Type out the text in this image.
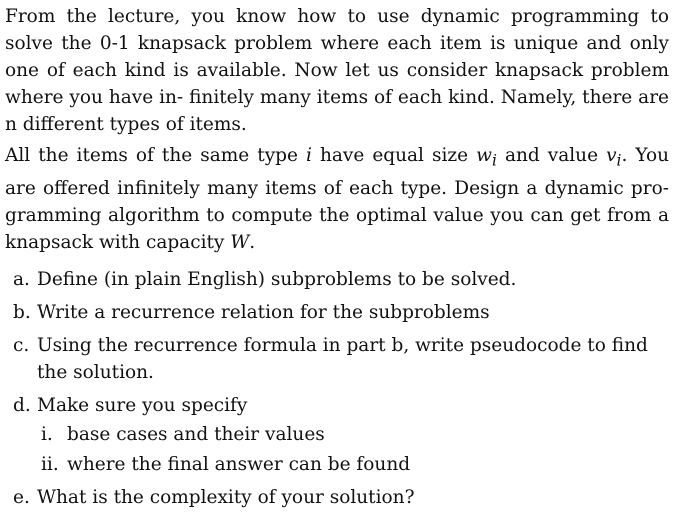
From the lecture, you know how to use dynamic programming to solve the 0-1 knapsack problem where each item is unique and only one of each kind is available. Now let us consider knapsack problem where you have in- finitely many items of each kind. Namely, there are n different types of items.

All the items of the same type i have equal size $w_i$ and value $v_i$. You are offered infinitely many items of each type. Design a dynamic pro- gramming algorithm to compute the optimal value you can get from a knapsack with capacity W.

a. Define (in plain English) subproblems to be solved.
b. Write a recurrence relation for the subproblems
c. Using the recurrence formula in part b, write pseudocode to find the solution.
d. Make sure you specify
i. base cases and their values
ii. where the final answer can be found
e. What is the complexity of your solution?
